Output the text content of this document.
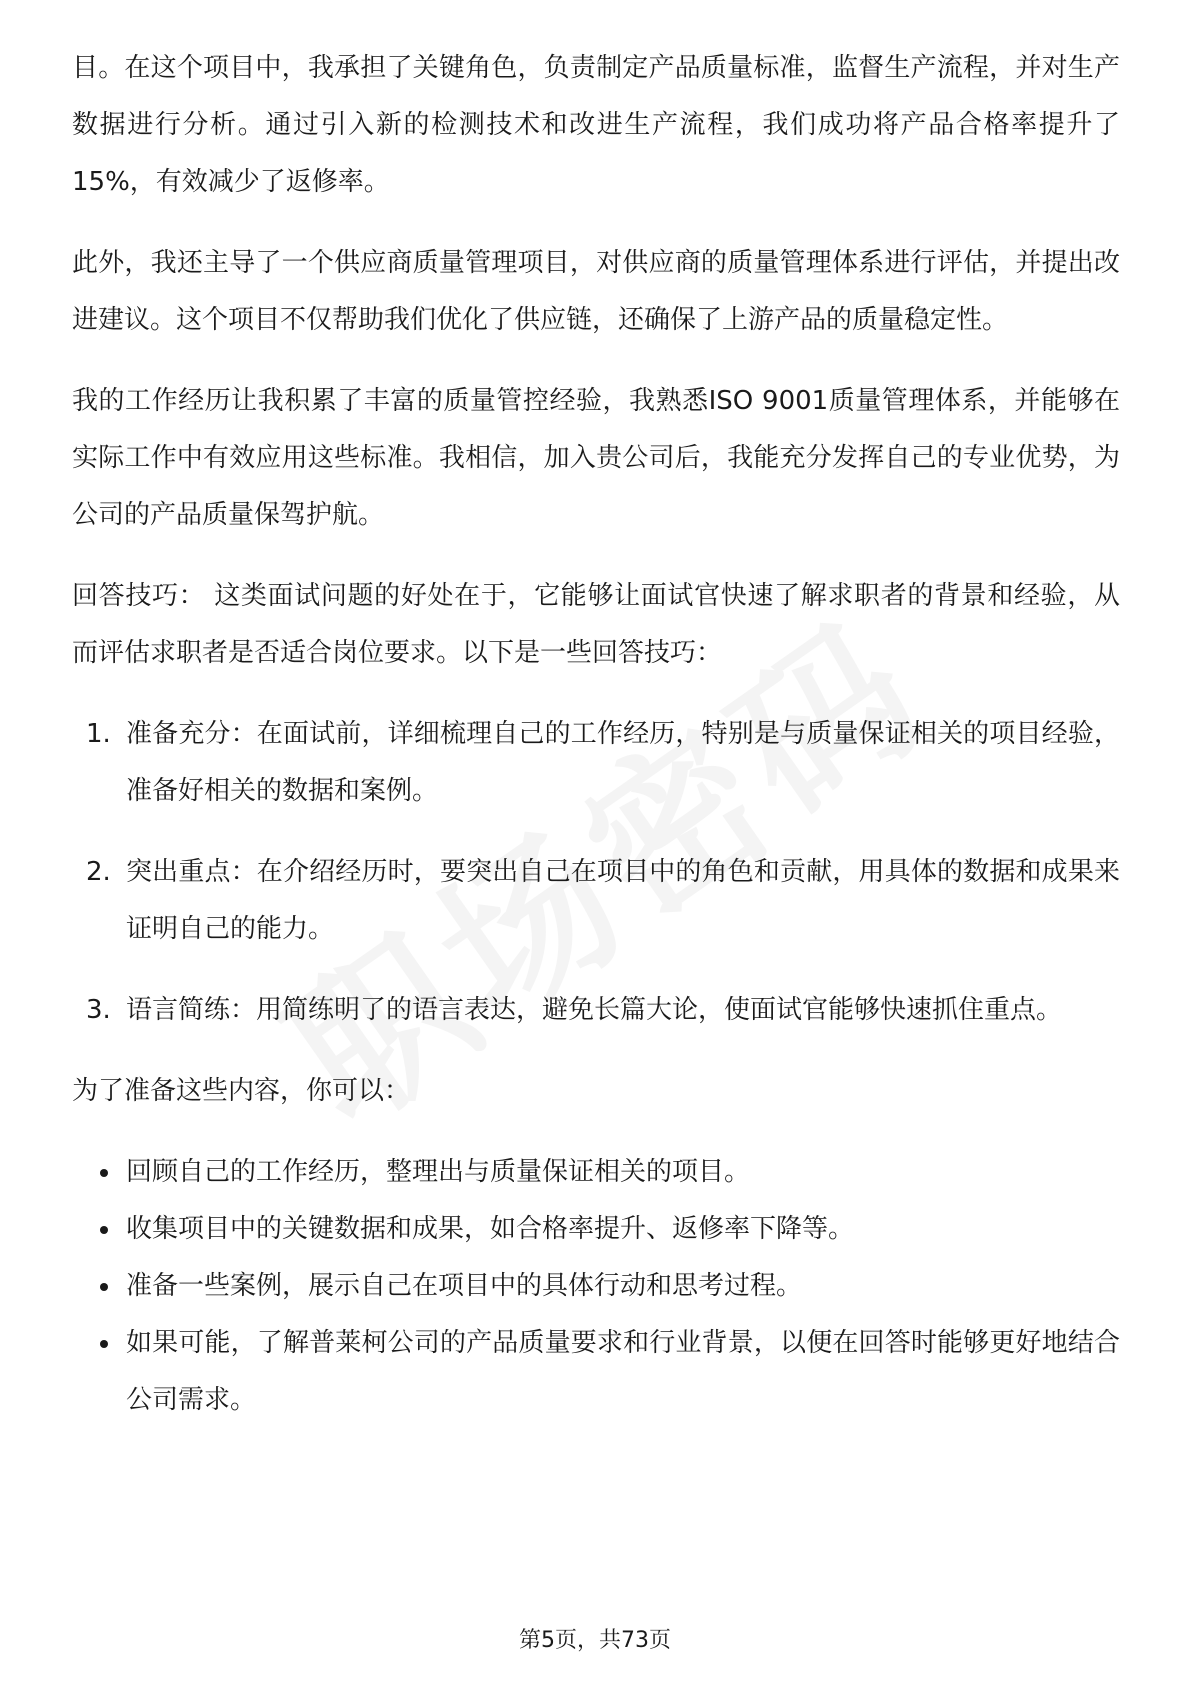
目。在这个项目中，我承担了关键角色，负责制定产品质量标准，监督生产流程，并对生产数据进行分析。通过引入新的检测技术和改进生产流程，我们成功将产品合格率提升了15%，有效减少了返修率。

此外，我还主导了一个供应商质量管理项目，对供应商的质量管理体系进行评估，并提出改进建议。这个项目不仅帮助我们优化了供应链，还确保了上游产品的质量稳定性。

我的工作经历让我积累了丰富的质量管控经验，我熟悉ISO 9001质量管理体系，并能够在实际工作中有效应用这些标准。我相信，加入贵公司后，我能充分发挥自己的专业优势，为公司的产品质量保驾护航。

回答技巧： 这类面试问题的好处在于，它能够让面试官快速了解求职者的背景和经验，从而评估求职者是否适合岗位要求。以下是一些回答技巧：

1. 准备充分：在面试前，详细梳理自己的工作经历，特别是与质量保证相关的项目经验，准备好相关的数据和案例。

2. 突出重点：在介绍经历时，要突出自己在项目中的角色和贡献，用具体的数据和成果来证明自己的能力。

3. 语言简练：用简练明了的语言表达，避免长篇大论，使面试官能够快速抓住重点。

为了准备这些内容，你可以：

回顾自己的工作经历，整理出与质量保证相关的项目。

收集项目中的关键数据和成果，如合格率提升、返修率下降等。

准备一些案例，展示自己在项目中的具体行动和思考过程。

如果可能，了解普莱柯公司的产品质量要求和行业背景，以便在回答时能够更好地结合公司需求。

第5页，共73页
